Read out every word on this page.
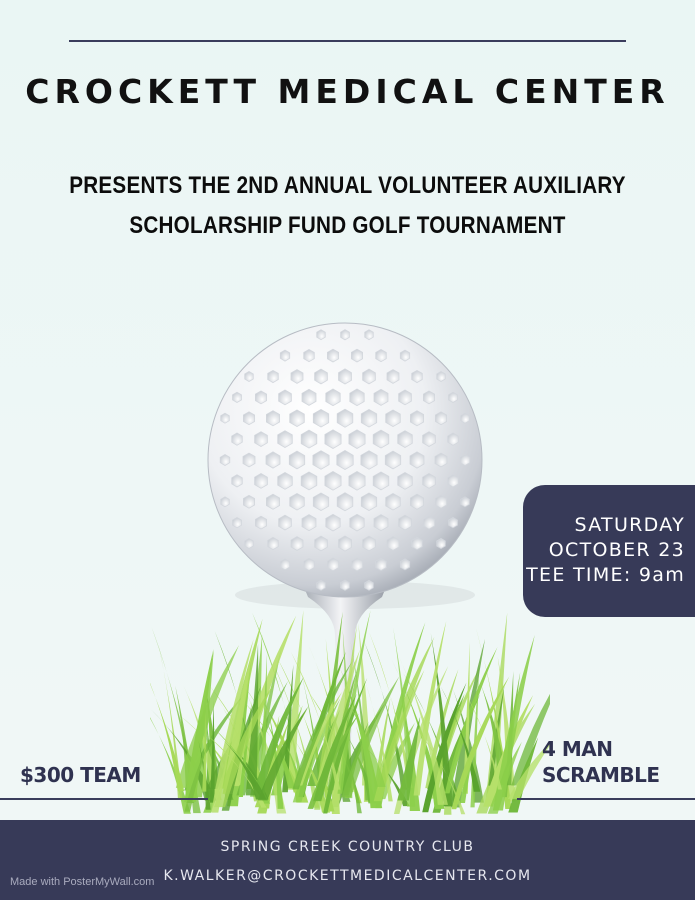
CROCKETT MEDICAL CENTER
PRESENTS THE 2ND ANNUAL VOLUNTEER AUXILIARY
SCHOLARSHIP FUND GOLF TOURNAMENT
SATURDAY
OCTOBER 23
TEE TIME: 9am
$300 TEAM
4 MAN
SCRAMBLE
SPRING CREEK COUNTRY CLUB
K.WALKER@CROCKETTMEDICALCENTER.COM
Made with PosterMyWall.com
